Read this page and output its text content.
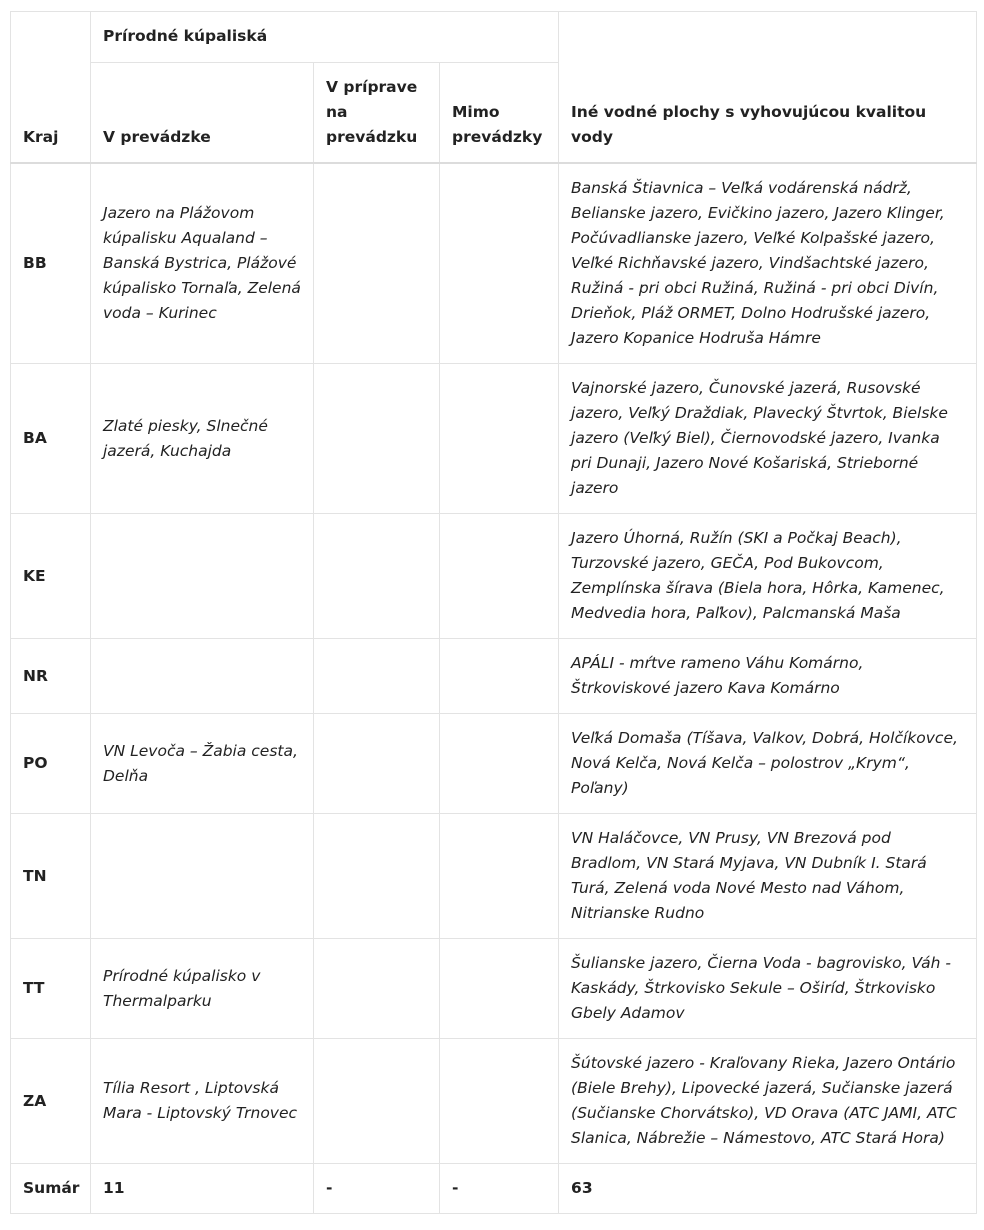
Kraj	Prírodné kúpaliská			Iné vodné plochy s vyhovujúcou kvalitou vody
	V prevádzke	V príprave na prevádzku	Mimo prevádzky	
BB	Jazero na Plážovom kúpalisku Aqualand – Banská Bystrica, Plážové kúpalisko Tornaľa, Zelená voda – Kurinec			Banská Štiavnica – Veľká vodárenská nádrž, Belianske jazero, Evičkino jazero, Jazero Klinger, Počúvadlianske jazero, Veľké Kolpašské jazero, Veľké Richňavské jazero, Vindšachtské jazero, Ružiná - pri obci Ružiná, Ružiná - pri obci Divín, Drieňok, Pláž ORMET, Dolno Hodrušské jazero, Jazero Kopanice Hodruša Hámre
BA	Zlaté piesky, Slnečné jazerá, Kuchajda			Vajnorské jazero, Čunovské jazerá, Rusovské jazero, Veľký Draždiak, Plavecký Štvrtok, Bielske jazero (Veľký Biel), Čiernovodské jazero, Ivanka pri Dunaji, Jazero Nové Košariská, Strieborné jazero
KE				Jazero Úhorná, Ružín (SKI a Počkaj Beach), Turzovské jazero, GEČA, Pod Bukovcom, Zemplínska šírava (Biela hora, Hôrka, Kamenec, Medvedia hora, Paľkov), Palcmanská Maša
NR				APÁLI - mŕtve rameno Váhu Komárno, Štrkoviskové jazero Kava Komárno
PO	VN Levoča – Žabia cesta, Delňa			Veľká Domaša (Tíšava, Valkov, Dobrá, Holčíkovce, Nová Kelča, Nová Kelča – polostrov „Krym“, Poľany)
TN				VN Haláčovce, VN Prusy, VN Brezová pod Bradlom, VN Stará Myjava, VN Dubník I. Stará Turá, Zelená voda Nové Mesto nad Váhom, Nitrianske Rudno
TT	Prírodné kúpalisko v Thermalparku			Šulianske jazero, Čierna Voda - bagrovisko, Váh - Kaskády, Štrkovisko Sekule – Oširíd, Štrkovisko Gbely Adamov
ZA	Tília Resort , Liptovská Mara - Liptovský Trnovec			Šútovské jazero - Kraľovany Rieka, Jazero Ontário (Biele Brehy), Lipovecké jazerá, Sučianske jazerá (Sučianske Chorvátsko), VD Orava (ATC JAMI, ATC Slanica, Nábrežie – Námestovo, ATC Stará Hora)
Sumár	11	-	-	63
